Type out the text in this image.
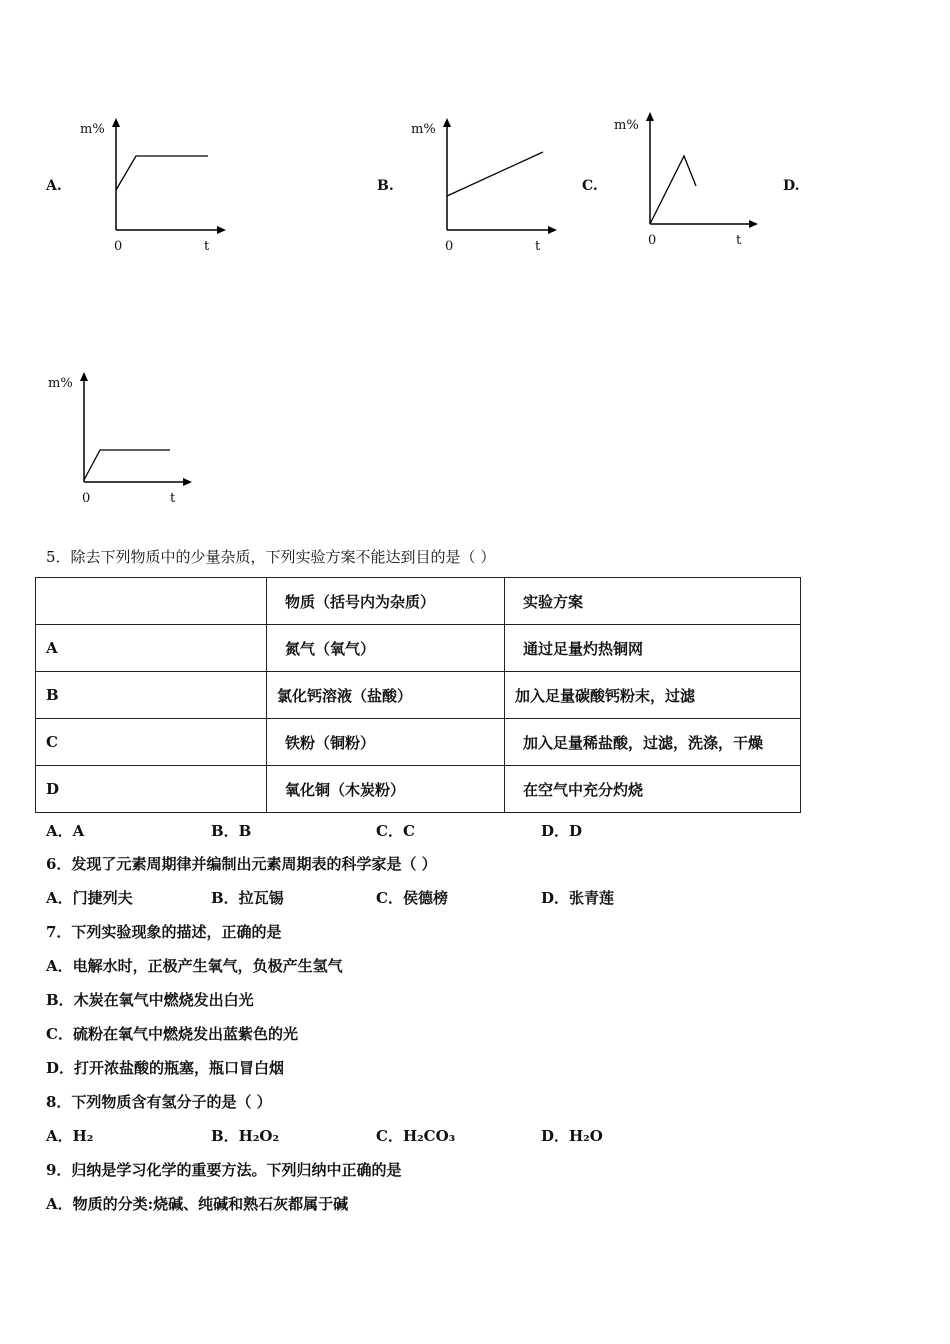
A.	B.	C.	D.
m%
0	t
m%
0	t
m%
0	t
m%
0	t
5．除去下列物质中的少量杂质，下列实验方案不能达到目的是（ ）
	物质（括号内为杂质）	实验方案
A	氮气（氧气）	通过足量灼热铜网
B	氯化钙溶液（盐酸）	加入足量碳酸钙粉末，过滤
C	铁粉（铜粉）	加入足量稀盐酸，过滤，洗涤，干燥
D	氧化铜（木炭粉）	在空气中充分灼烧
A．A	B．B	C．C	D．D
6．发现了元素周期律并编制出元素周期表的科学家是（ ）
A．门捷列夫	B．拉瓦锡	C．侯德榜	D．张青莲
7．下列实验现象的描述，正确的是
A．电解水时，正极产生氧气，负极产生氢气
B．木炭在氧气中燃烧发出白光
C．硫粉在氧气中燃烧发出蓝紫色的光
D．打开浓盐酸的瓶塞，瓶口冒白烟
8．下列物质含有氢分子的是（ ）
A．H₂	B．H₂O₂	C．H₂CO₃	D．H₂O
9．归纳是学习化学的重要方法。下列归纳中正确的是
A．物质的分类:烧碱、纯碱和熟石灰都属于碱
